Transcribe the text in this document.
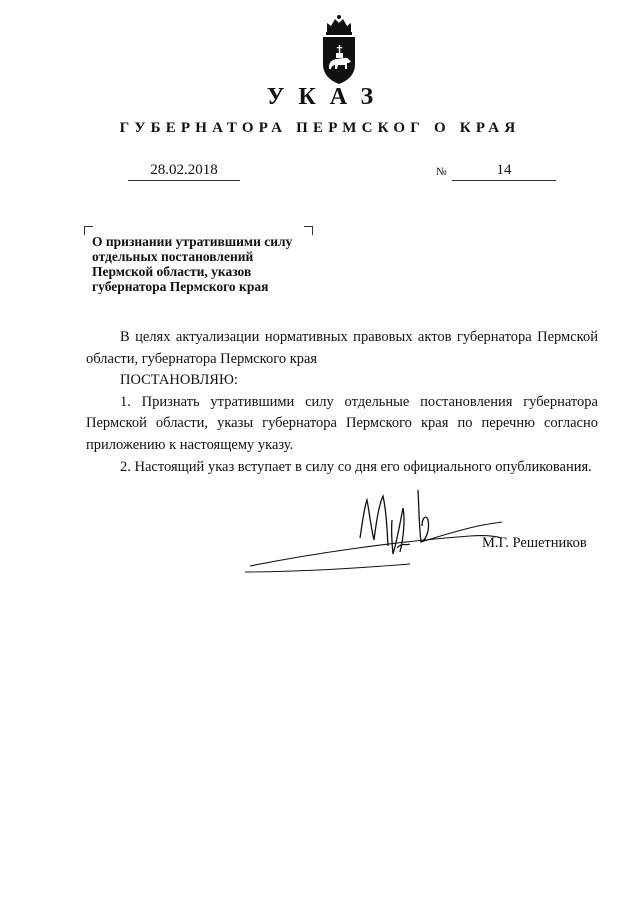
УКАЗ
ГУБЕРНАТОРА ПЕРМСКОГ О КРАЯ
28.02.2018	№	14
О признании утратившими силу
отдельных постановлений
Пермской области, указов
губернатора Пермского края

В целях актуализации нормативных правовых актов губернатора Пермской области, губернатора Пермского края

ПОСТАНОВЛЯЮ:

1. Признать утратившими силу отдельные постановления губернатора Пермской области, указы губернатора Пермского края по перечню согласно приложению к настоящему указу.

2. Настоящий указ вступает в силу со дня его официального опубликования.

М.Г. Решетников
